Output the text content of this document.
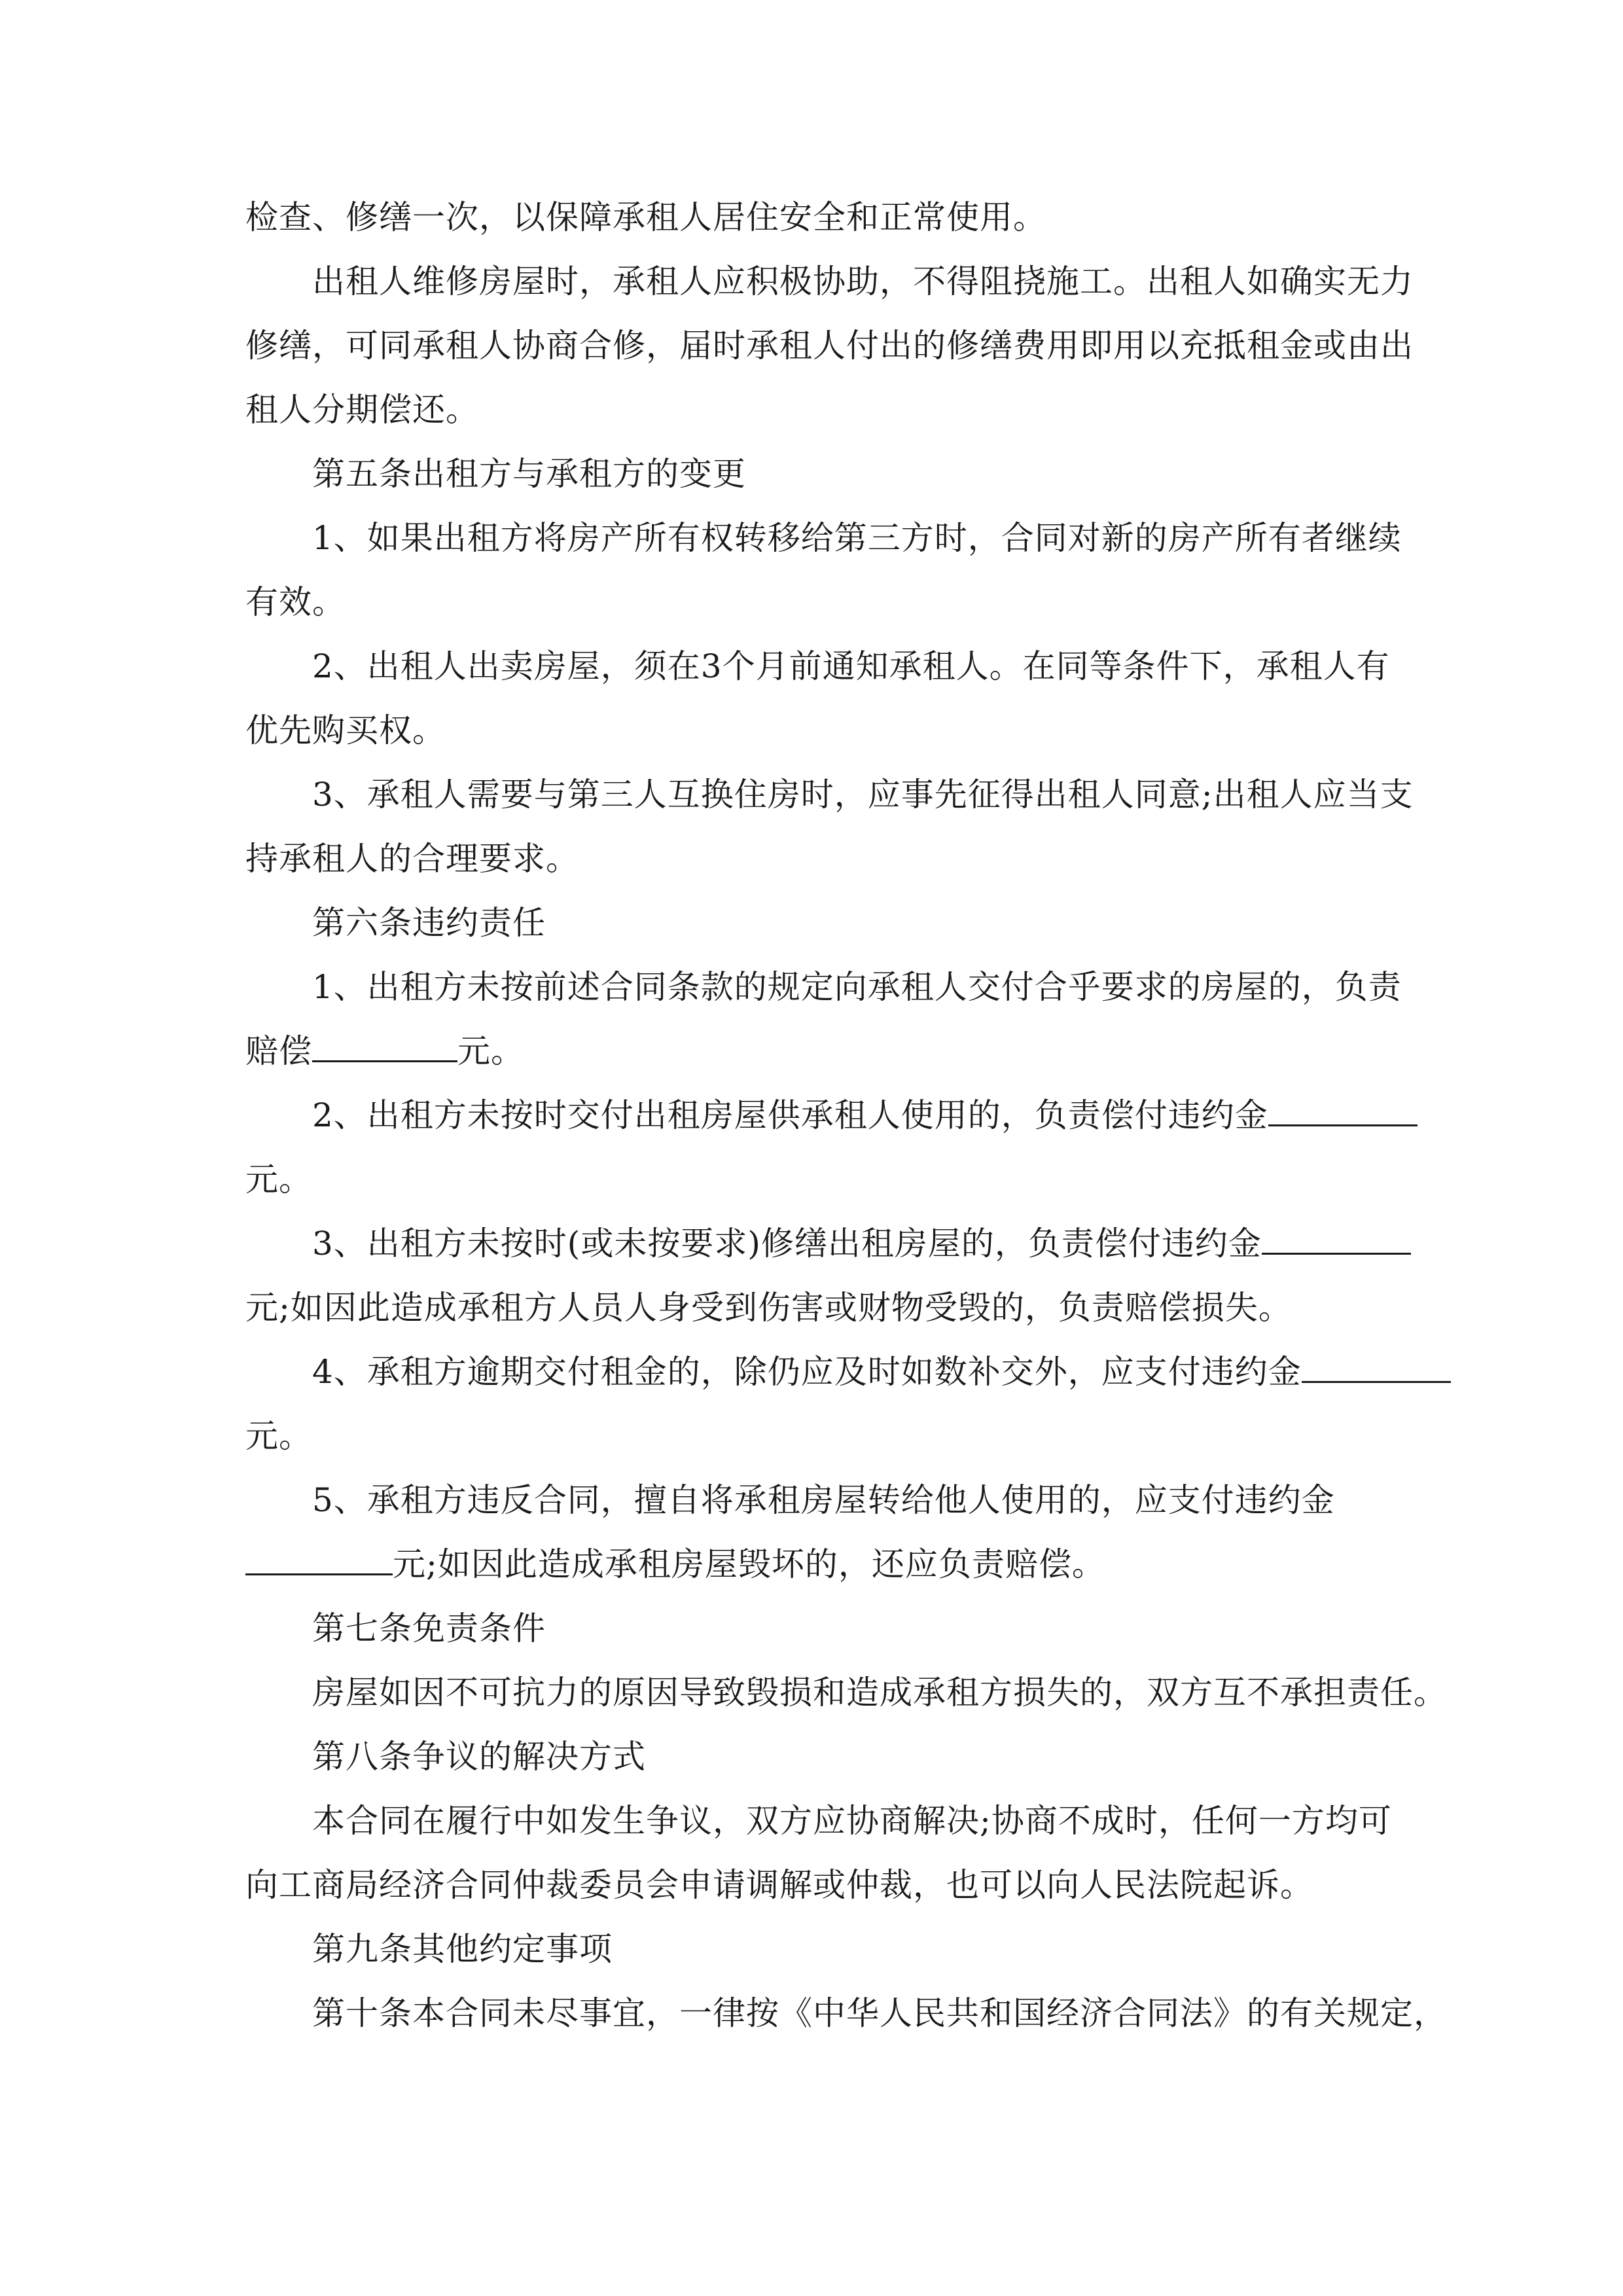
检查、修缮一次，以保障承租人居住安全和正常使用。
出租人维修房屋时，承租人应积极协助，不得阻挠施工。出租人如确实无力
修缮，可同承租人协商合修，届时承租人付出的修缮费用即用以充抵租金或由出
租人分期偿还。
第五条出租方与承租方的变更
1、如果出租方将房产所有权转移给第三方时，合同对新的房产所有者继续
有效。
2、出租人出卖房屋，须在3个月前通知承租人。在同等条件下，承租人有
优先购买权。
3、承租人需要与第三人互换住房时，应事先征得出租人同意;出租人应当支
持承租人的合理要求。
第六条违约责任
1、出租方未按前述合同条款的规定向承租人交付合乎要求的房屋的，负责
赔偿	元。
2、出租方未按时交付出租房屋供承租人使用的，负责偿付违约金
元。
3、出租方未按时(或未按要求)修缮出租房屋的，负责偿付违约金
元;如因此造成承租方人员人身受到伤害或财物受毁的，负责赔偿损失。
4、承租方逾期交付租金的，除仍应及时如数补交外，应支付违约金
元。
5、承租方违反合同，擅自将承租房屋转给他人使用的，应支付违约金
元;如因此造成承租房屋毁坏的，还应负责赔偿。
第七条免责条件
房屋如因不可抗力的原因导致毁损和造成承租方损失的，双方互不承担责任。
第八条争议的解决方式
本合同在履行中如发生争议，双方应协商解决;协商不成时，任何一方均可
向工商局经济合同仲裁委员会申请调解或仲裁，也可以向人民法院起诉。
第九条其他约定事项
第十条本合同未尽事宜，一律按《中华人民共和国经济合同法》的有关规定，
